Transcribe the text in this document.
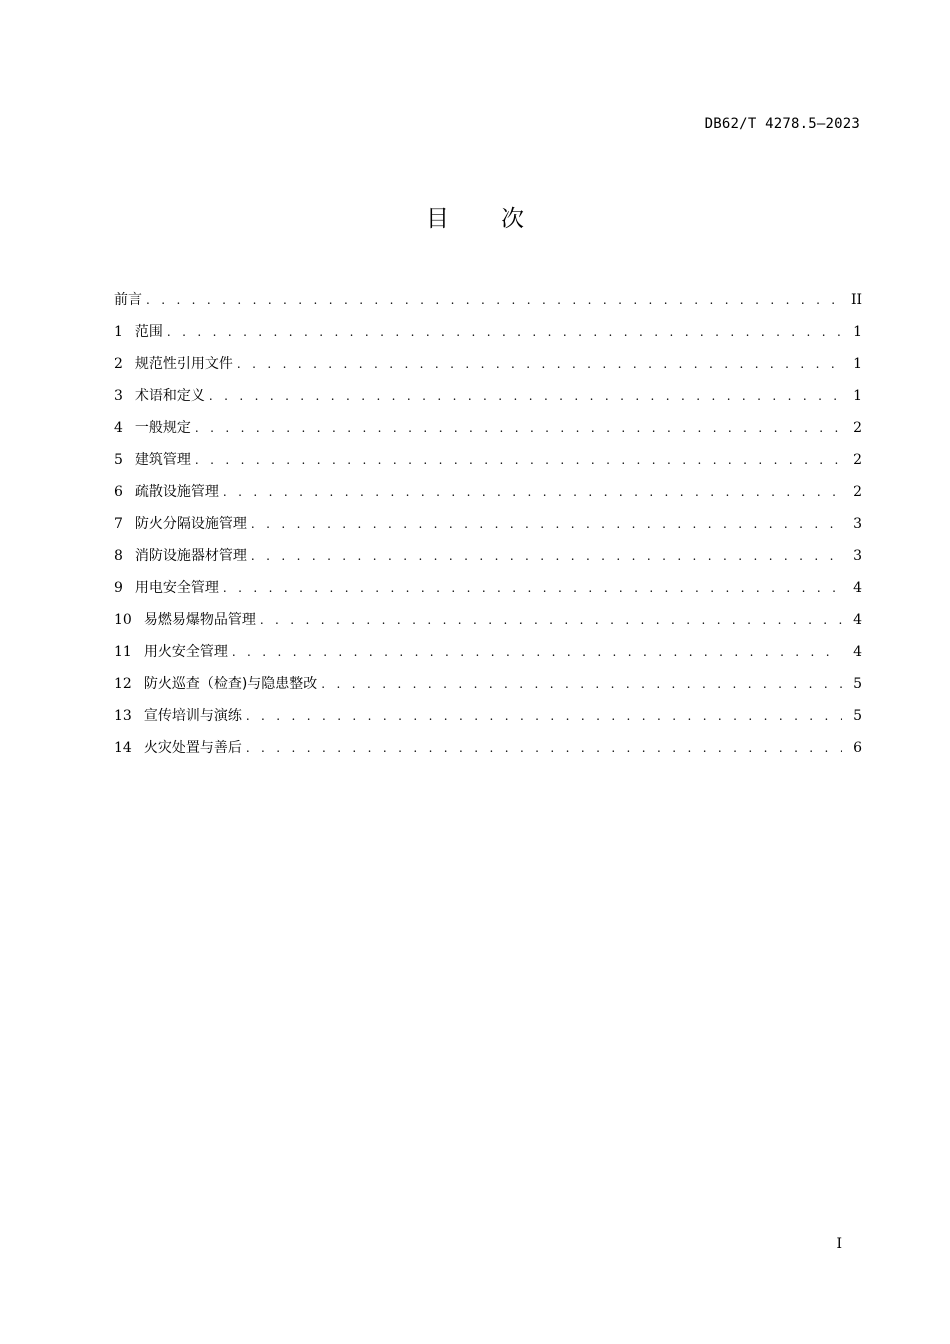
DB62/T 4278.5—2023
目次
前言 . . .	II
1 范围 . . .	1
2 规范性引用文件 . . .	1
3 术语和定义 . . .	1
4 一般规定 . . .	2
5 建筑管理 . . .	2
6 疏散设施管理 . . .	2
7 防火分隔设施管理 . . .	3
8 消防设施器材管理 . . .	3
9 用电安全管理 . . .	4
10 易燃易爆物品管理 . . .	4
11 用火安全管理 . . .	4
12 防火巡查（检查)与隐患整改 . . .	5
13 宣传培训与演练 . . .	5
14 火灾处置与善后 . . .	6
I
